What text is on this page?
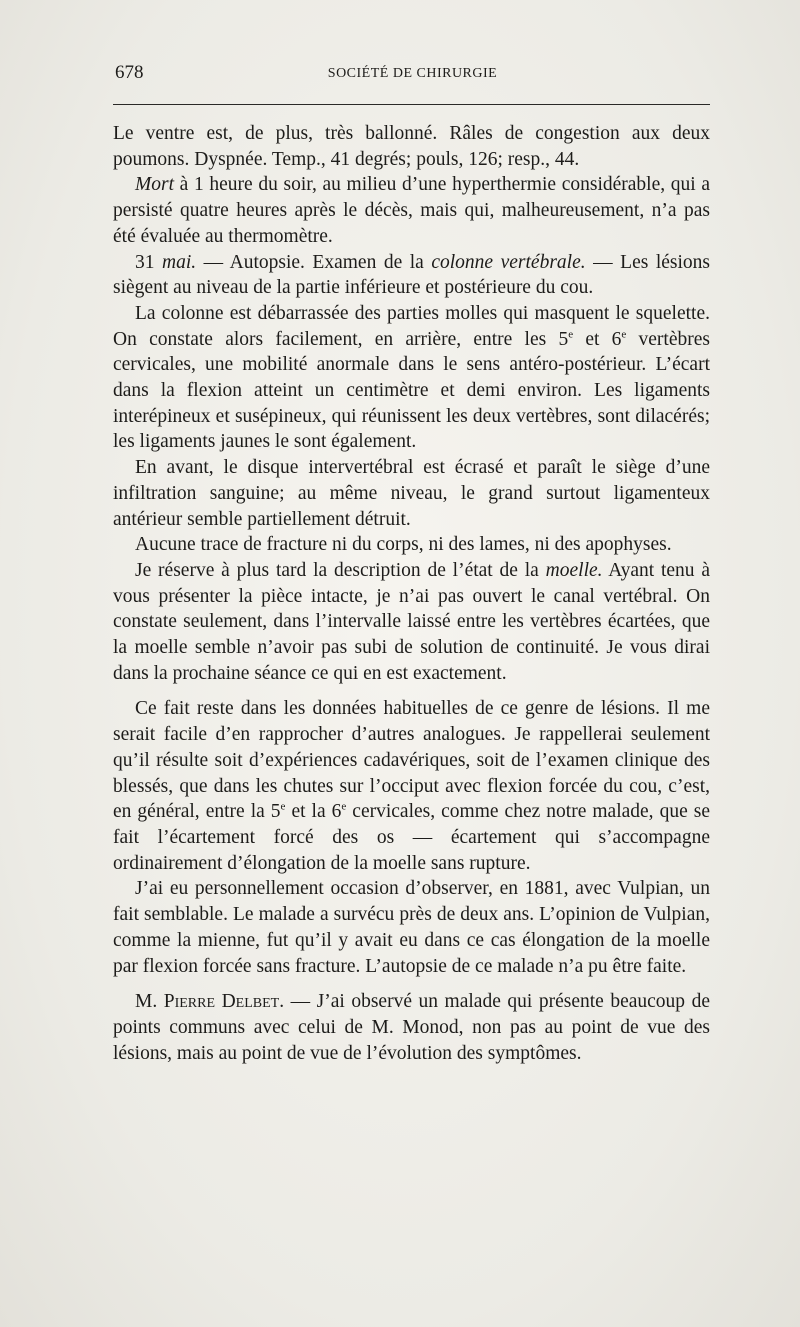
678	SOCIÉTÉ DE CHIRURGIE

Le ventre est, de plus, très ballonné. Râles de congestion aux deux poumons. Dyspnée. Temp., 41 degrés; pouls, 126; resp., 44.

Mort à 1 heure du soir, au milieu d’une hyperthermie considérable, qui a persisté quatre heures après le décès, mais qui, malheureusement, n’a pas été évaluée au thermomètre.

31 mai. — Autopsie. Examen de la colonne vertébrale. — Les lésions siègent au niveau de la partie inférieure et postérieure du cou.

La colonne est débarrassée des parties molles qui masquent le squelette. On constate alors facilement, en arrière, entre les 5e et 6e vertèbres cervicales, une mobilité anormale dans le sens antéro-postérieur. L’écart dans la flexion atteint un centimètre et demi environ. Les ligaments interépineux et susépineux, qui réunissent les deux vertèbres, sont dilacérés; les ligaments jaunes le sont également.

En avant, le disque intervertébral est écrasé et paraît le siège d’une infiltration sanguine; au même niveau, le grand surtout ligamenteux antérieur semble partiellement détruit.

Aucune trace de fracture ni du corps, ni des lames, ni des apophyses.

Je réserve à plus tard la description de l’état de la moelle. Ayant tenu à vous présenter la pièce intacte, je n’ai pas ouvert le canal vertébral. On constate seulement, dans l’intervalle laissé entre les vertèbres écartées, que la moelle semble n’avoir pas subi de solution de continuité. Je vous dirai dans la prochaine séance ce qui en est exactement.

Ce fait reste dans les données habituelles de ce genre de lésions. Il me serait facile d’en rapprocher d’autres analogues. Je rappellerai seulement qu’il résulte soit d’expériences cadavériques, soit de l’examen clinique des blessés, que dans les chutes sur l’occiput avec flexion forcée du cou, c’est, en général, entre la 5e et la 6e cervicales, comme chez notre malade, que se fait l’écartement forcé des os — écartement qui s’accompagne ordinairement d’élongation de la moelle sans rupture.

J’ai eu personnellement occasion d’observer, en 1881, avec Vulpian, un fait semblable. Le malade a survécu près de deux ans. L’opinion de Vulpian, comme la mienne, fut qu’il y avait eu dans ce cas élongation de la moelle par flexion forcée sans fracture. L’autopsie de ce malade n’a pu être faite.

M. Pierre Delbet. — J’ai observé un malade qui présente beaucoup de points communs avec celui de M. Monod, non pas au point de vue des lésions, mais au point de vue de l’évolution des symptômes.
